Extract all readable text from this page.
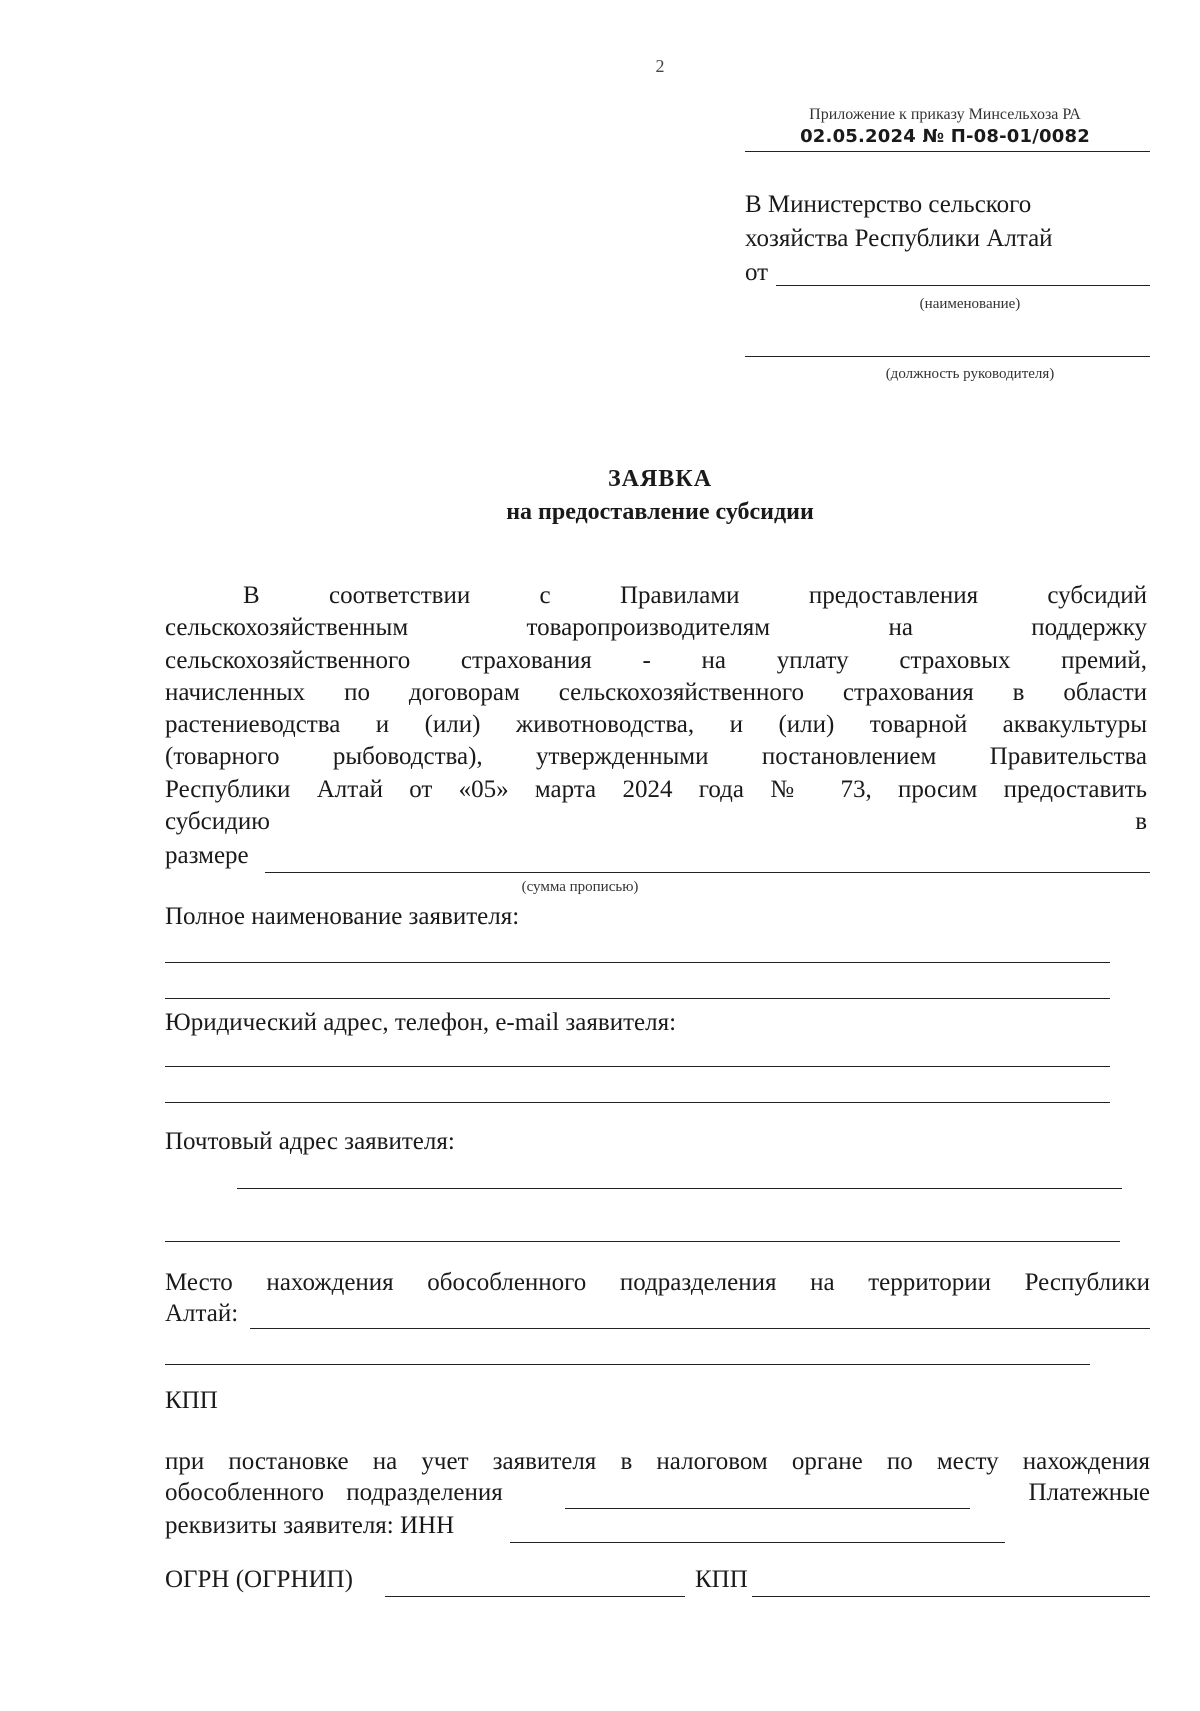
2
Приложение к приказу Минсельхоза РА
02.05.2024 № П-08-01/0082
В Министерство сельского
хозяйства Республики Алтай
от
(наименование)
(должность руководителя)
ЗАЯВКА
на предоставление субсидии

В соответствии с Правилами предоставления субсидий

сельскохозяйственным товаропроизводителям на поддержку

сельскохозяйственного страхования - на уплату страховых премий,

начисленных по договорам сельскохозяйственного страхования в области

растениеводства и (или) животноводства, и (или) товарной аквакультуры

(товарного рыбоводства), утвержденными постановлением Правительства

Республики Алтай от «05» марта 2024 года № 73, просим предоставить

субсидию в

размере
(сумма прописью)
Полное наименование заявителя:
Юридический адрес, телефон, e-mail заявителя:
Почтовый адрес заявителя:
Место нахождения обособленного подразделения на территории Республики
Алтай:
КПП
при постановке на учет заявителя в налоговом органе по месту нахождения
обособленного подразделения	Платежные
реквизиты заявителя: ИНН
ОГРН (ОГРНИП)	КПП
